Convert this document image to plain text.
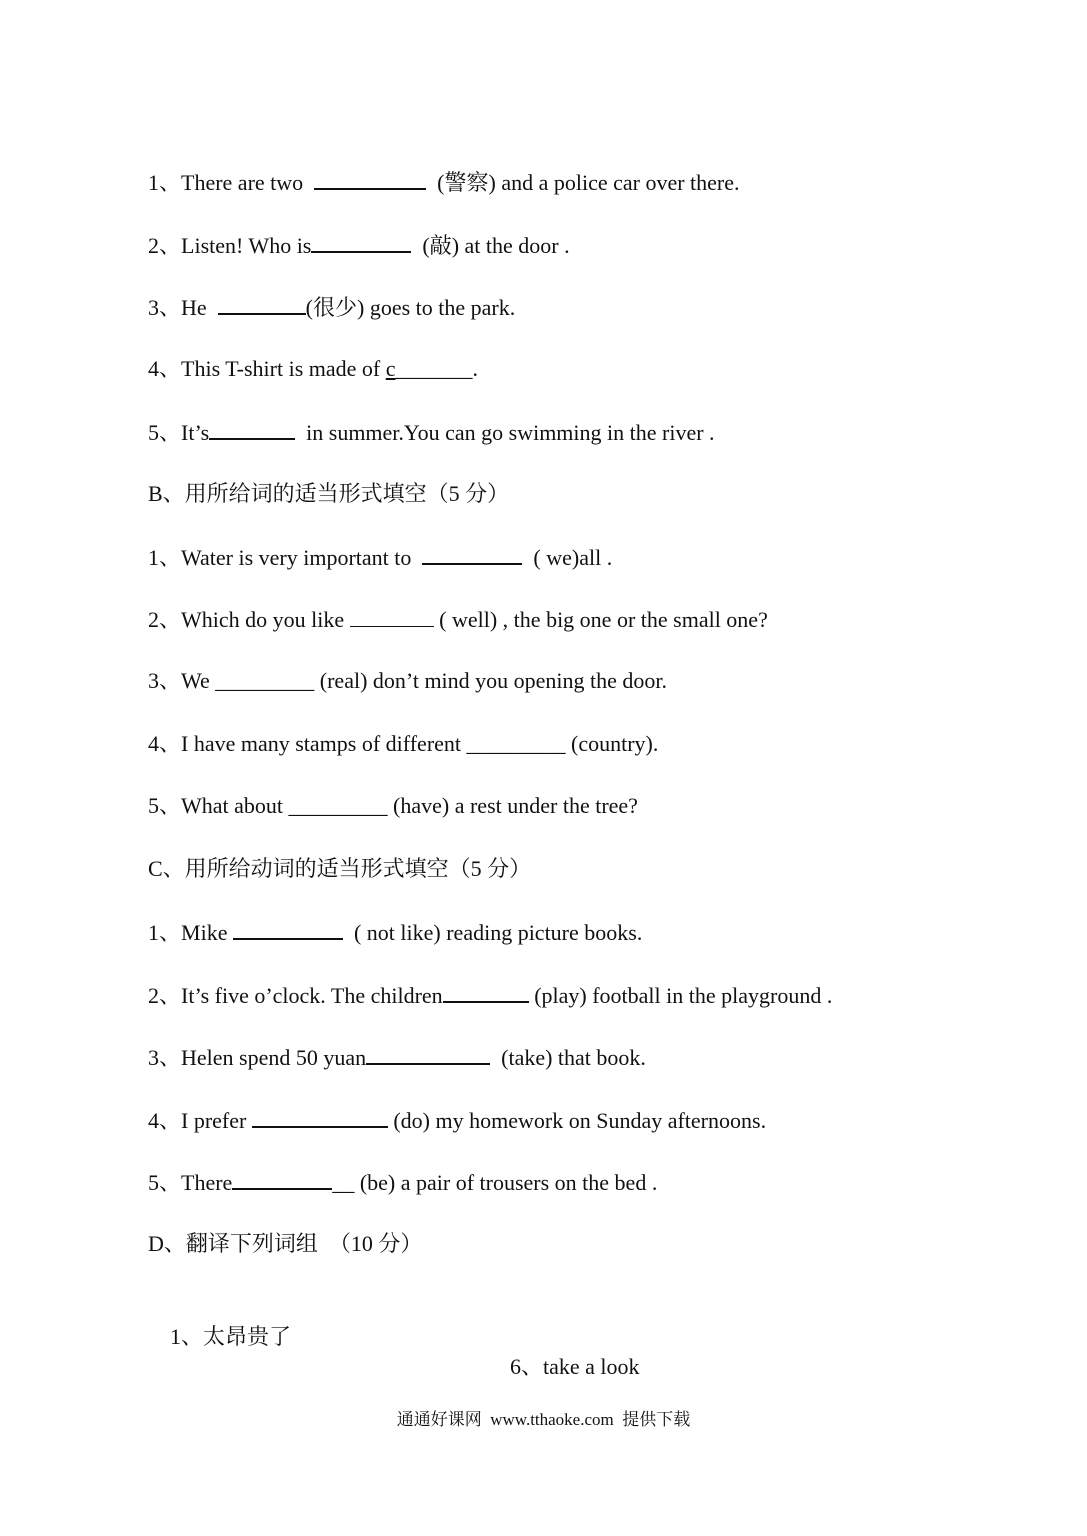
1、There are two	(警察) and a police car over there.
2、Listen! Who is	(敲) at the door .
3、He	(很少) goes to the park.
4、This T-shirt is made of c_______.
5、It’s	in summer.You can go swimming in the river .
B、用所给词的适当形式填空（5 分）
1、Water is very important to	( we)all .
2、Which do you like	( well) , the big one or the small one?
3、We _________ (real) don’t mind you opening the door.
4、I have many stamps of different _________ (country).
5、What about _________ (have) a rest under the tree?
C、用所给动词的适当形式填空（5 分）
1、Mike	( not like) reading picture books.
2、It’s five o’clock. The children	(play) football in the playground .
3、Helen spend 50 yuan	(take) that book.
4、I prefer	(do) my homework on Sunday afternoons.
5、There	__ (be) a pair of trousers on the bed .
D、翻译下列词组  （10 分）

1、太昂贵了

6、take a look

通通好课网  www.tthaoke.com  提供下载
